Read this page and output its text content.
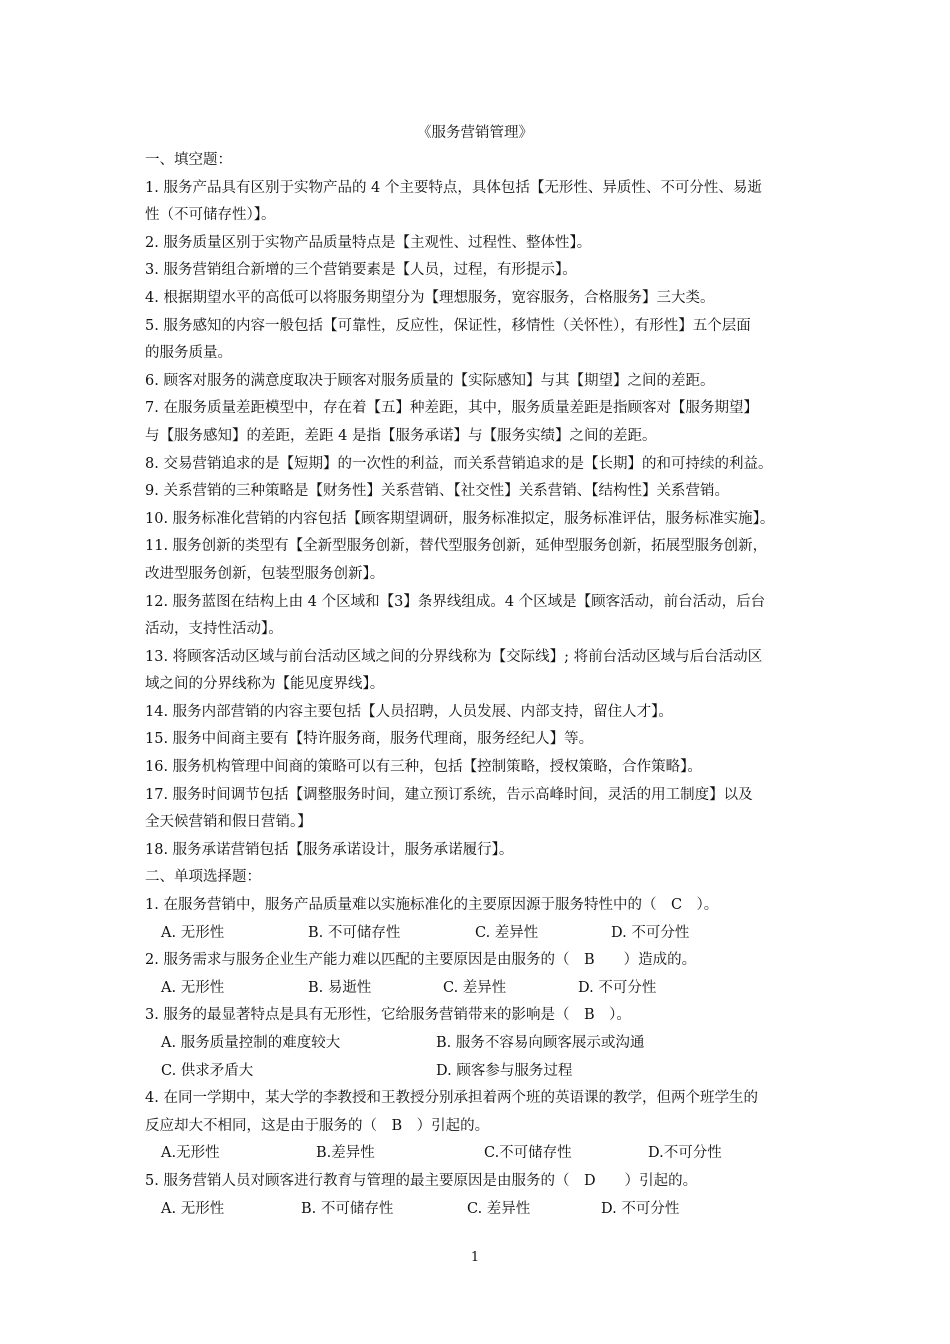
《服务营销管理》
一、填空题：
1. 服务产品具有区别于实物产品的 4 个主要特点，具体包括【无形性、异质性、不可分性、易逝
性（不可储存性）】。
2. 服务质量区别于实物产品质量特点是【主观性、过程性、整体性】。
3. 服务营销组合新增的三个营销要素是【人员，过程，有形提示】。
4. 根据期望水平的高低可以将服务期望分为【理想服务，宽容服务，合格服务】三大类。
5. 服务感知的内容一般包括【可靠性，反应性，保证性，移情性（关怀性），有形性】五个层面
的服务质量。
6. 顾客对服务的满意度取决于顾客对服务质量的【实际感知】与其【期望】之间的差距。
7. 在服务质量差距模型中，存在着【五】种差距，其中，服务质量差距是指顾客对【服务期望】
与【服务感知】的差距，差距 4 是指【服务承诺】与【服务实绩】之间的差距。
8. 交易营销追求的是【短期】的一次性的利益，而关系营销追求的是【长期】的和可持续的利益。
9. 关系营销的三种策略是【财务性】关系营销、【社交性】关系营销、【结构性】关系营销。
10. 服务标准化营销的内容包括【顾客期望调研，服务标准拟定，服务标准评估，服务标准实施】。
11. 服务创新的类型有【全新型服务创新，替代型服务创新，延伸型服务创新，拓展型服务创新，
改进型服务创新，包装型服务创新】。
12. 服务蓝图在结构上由 4 个区域和【3】条界线组成。4 个区域是【顾客活动，前台活动，后台
活动，支持性活动】。
13. 将顾客活动区域与前台活动区域之间的分界线称为【交际线】; 将前台活动区域与后台活动区
域之间的分界线称为【能见度界线】。
14. 服务内部营销的内容主要包括【人员招聘，人员发展、内部支持，留住人才】。
15. 服务中间商主要有【特许服务商，服务代理商，服务经纪人】等。
16. 服务机构管理中间商的策略可以有三种，包括【控制策略，授权策略，合作策略】。
17. 服务时间调节包括【调整服务时间，建立预订系统，告示高峰时间，灵活的用工制度】以及
全天候营销和假日营销。】
18. 服务承诺营销包括【服务承诺设计，服务承诺履行】。
二、单项选择题：
1. 在服务营销中，服务产品质量难以实施标准化的主要原因源于服务特性中的（　C　）。
A. 无形性	B. 不可储存性	C. 差异性	D. 不可分性
2. 服务需求与服务企业生产能力难以匹配的主要原因是由服务的（　B　　）造成的。
A. 无形性	B. 易逝性	C. 差异性	D. 不可分性
3. 服务的最显著特点是具有无形性，它给服务营销带来的影响是（　B　）。
A. 服务质量控制的难度较大	B. 服务不容易向顾客展示或沟通
C. 供求矛盾大	D. 顾客参与服务过程
4. 在同一学期中，某大学的李教授和王教授分别承担着两个班的英语课的教学，但两个班学生的
反应却大不相同，这是由于服务的（　B　）引起的。
A.无形性	B.差异性	C.不可储存性	D.不可分性
5. 服务营销人员对顾客进行教育与管理的最主要原因是由服务的（　D　　）引起的。
A. 无形性	B. 不可储存性	C. 差异性	D. 不可分性
1
